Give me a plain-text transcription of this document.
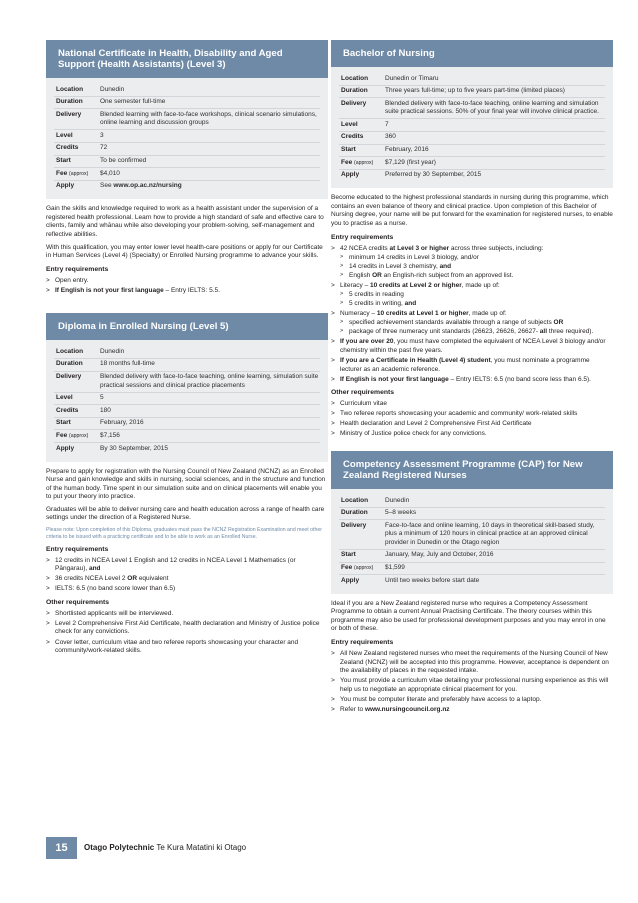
National Certificate in Health, Disability and Aged Support (Health Assistants) (Level 3)
Location	Dunedin
Duration	One semester full-time
Delivery	Blended learning with face-to-face workshops, clinical scenario simulations, online learning and discussion groups
Level	3
Credits	72
Start	To be confirmed
Fee (approx)	$4,010
Apply	See www.op.ac.nz/nursing

Gain the skills and knowledge required to work as a health assistant under the supervision of a registered health professional. Learn how to provide a high standard of safe and effective care to clients, family and whānau while also developing your problem-solving, self-management and reflective abilities.

With this qualification, you may enter lower level health-care positions or apply for our Certificate in Human Services (Level 4) (Specialty) or Enrolled Nursing programme to advance your skills.

Entry requirements
> Open entry.
> If English is not your first language – Entry IELTS: 5.5.
Diploma in Enrolled Nursing (Level 5)
Location	Dunedin
Duration	18 months full-time
Delivery	Blended delivery with face-to-face teaching, online learning, simulation suite practical sessions and clinical practice placements
Level	5
Credits	180
Start	February, 2016
Fee (approx)	$7,156
Apply	By 30 September, 2015

Prepare to apply for registration with the Nursing Council of New Zealand (NCNZ) as an Enrolled Nurse and gain knowledge and skills in nursing, social sciences, and in the structure and function of the human body. Time spent in our simulation suite and on clinical placements will enable you to put your theory into practice.

Graduates will be able to deliver nursing care and health education across a range of health care settings under the direction of a Registered Nurse.

Please note: Upon completion of this Diploma, graduates must pass the NCNZ Registration Examination and meet other criteria to be issued with a practicing certificate and to be able to work as an Enrolled Nurse.

Entry requirements
> 12 credits in NCEA Level 1 English and 12 credits in NCEA Level 1 Mathematics (or Pāngarau), and
> 36 credits NCEA Level 2 OR equivalent
> IELTS: 6.5 (no band score lower than 6.5)
Other requirements
> Shortlisted applicants will be interviewed.
> Level 2 Comprehensive First Aid Certificate, health declaration and Ministry of Justice police check for any convictions.
> Cover letter, curriculum vitae and two referee reports showcasing your character and community/work-related skills.
Bachelor of Nursing
Location	Dunedin or Timaru
Duration	Three years full-time; up to five years part-time (limited places)
Delivery	Blended delivery with face-to-face teaching, online learning and simulation suite practical sessions. 50% of your final year will involve clinical practice.
Level	7
Credits	360
Start	February, 2016
Fee (approx)	$7,129 (first year)
Apply	Preferred by 30 September, 2015

Become educated to the highest professional standards in nursing during this programme, which contains an even balance of theory and clinical practice. Upon completion of this Bachelor of Nursing degree, your name will be put forward for the examination for registered nurses, to enable you to practise as a nurse.

Entry requirements
> 42 NCEA credits at Level 3 or higher across three subjects, including:
> minimum 14 credits in Level 3 biology, and/or
> 14 credits in Level 3 chemistry, and
> English OR an English-rich subject from an approved list.
> Literacy – 10 credits at Level 2 or higher, made up of:
> 5 credits in reading
> 5 credits in writing, and
> Numeracy – 10 credits at Level 1 or higher, made up of:
> specified achievement standards available through a range of subjects OR
> package of three numeracy unit standards (26623, 26626, 26627- all three required).
> If you are over 20, you must have completed the equivalent of NCEA Level 3 biology and/or chemistry within the past five years.
> If you are a Certificate in Health (Level 4) student, you must nominate a programme lecturer as an academic reference.
> If English is not your first language – Entry IELTS: 6.5 (no band score less than 6.5).
Other requirements
> Curriculum vitae
> Two referee reports showcasing your academic and community/ work-related skills
> Health declaration and Level 2 Comprehensive First Aid Certificate
> Ministry of Justice police check for any convictions.
Competency Assessment Programme (CAP) for New Zealand Registered Nurses
Location	Dunedin
Duration	5–8 weeks
Delivery	Face-to-face and online learning, 10 days in theoretical skill-based study, plus a minimum of 120 hours in clinical practice at an approved clinical provider in Dunedin or the Otago region
Start	January, May, July and October, 2016
Fee (approx)	$1,599
Apply	Until two weeks before start date

Ideal if you are a New Zealand registered nurse who requires a Competency Assessment Programme to obtain a current Annual Practising Certificate. The theory courses within this programme may also be used for professional development purposes and you may enrol in one or both of these.

Entry requirements
> All New Zealand registered nurses who meet the requirements of the Nursing Council of New Zealand (NCNZ) will be accepted into this programme. However, acceptance is dependent on the availability of places in the requested intake.
> You must provide a curriculum vitae detailing your professional nursing experience as this will help us to negotiate an appropriate clinical placement for you.
> You must be computer literate and preferably have access to a laptop.
> Refer to www.nursingcouncil.org.nz
15	Otago Polytechnic Te Kura Matatini ki Otago
